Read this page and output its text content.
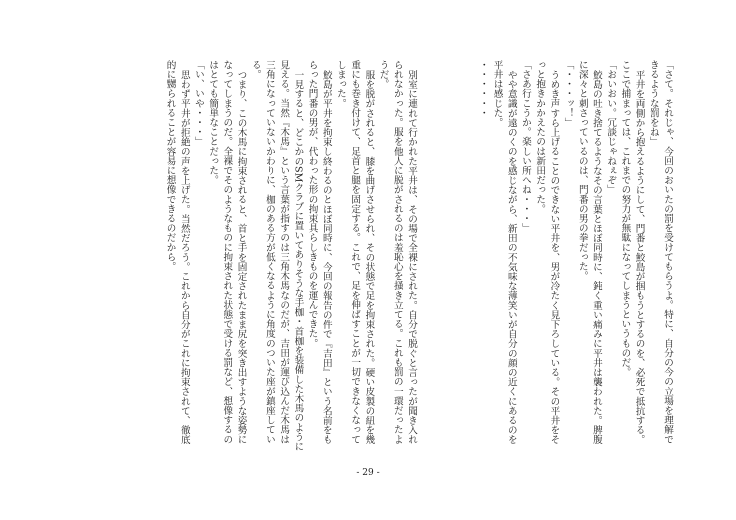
「さて。それじゃ、今回のおいたの罰を受けてもらうよ。特に、自分の今の立場を理解で
きるような罰をね」
平井を両側から抱えるようにして、門番と鮫島が掴もうとするのを、必死で抵抗する。
ここで捕まっては、これまでの努力が無駄になってしまうというものだ。
「おいおい。冗談じゃねぇぞ」
鮫島の吐き捨てるようなその言葉とほぼ同時に、鈍く重い痛みに平井は襲われた。脾腹
に深々と刺さっているのは、門番の男の拳だった。
「・・・ッ！」
うめき声すら上げることのできない平井を、男が冷たく見下ろしている。その平井をそ
っと抱きかかえたのは新田だった。
「さあ行こうか。楽しい所へね・・・」
やや意識が遠のくのを感じながら、新田の不気味な薄笑いが自分の顔の近くにあるのを
平井は感じた。
・・・・・・
別室に連れて行かれた平井は、その場で全裸にされた。自分で脱ぐと言ったが聞き入れ
られなかった。服を他人に脱がされるのは羞恥心を掻き立てる。これも罰の一環だったよ
うだ。
服を脱がされると、膝を曲げさせられ、その状態で足を拘束された。硬い皮製の紐を幾
重にも巻き付けて、足首と腿を固定する。これで、足を伸ばすことが一切できなくなって
しまった。
鮫島が平井を拘束し終わるのとほぼ同時に、今回の報告の件で『吉田』という名前をも
らった門番の男が、代わった形の拘束具らしきものを運んできた。
一見すると、どこかのSMクラブに置いてありそうな手枷・首枷を装備した木馬のように
見える。当然『木馬』という言葉が指すのは三角木馬なのだが、吉田が運び込んだ木馬は
三角になっていないかわりに、枷のある方が低くなるように角度のついた座が鎮座してい
る。
つまり、この木馬に拘束されると、首と手を固定されたまま尻を突き出すような姿勢に
なってしまうのだ。全裸でそのようなものに拘束された状態で受ける罰など、想像するの
はとても簡単なことだった。
「い、いや・・・」
思わず平井が拒絶の声を上げた。当然だろう。これから自分がこれに拘束されて、徹底
的に嬲られることが容易に想像できるのだから。
- 29 -
